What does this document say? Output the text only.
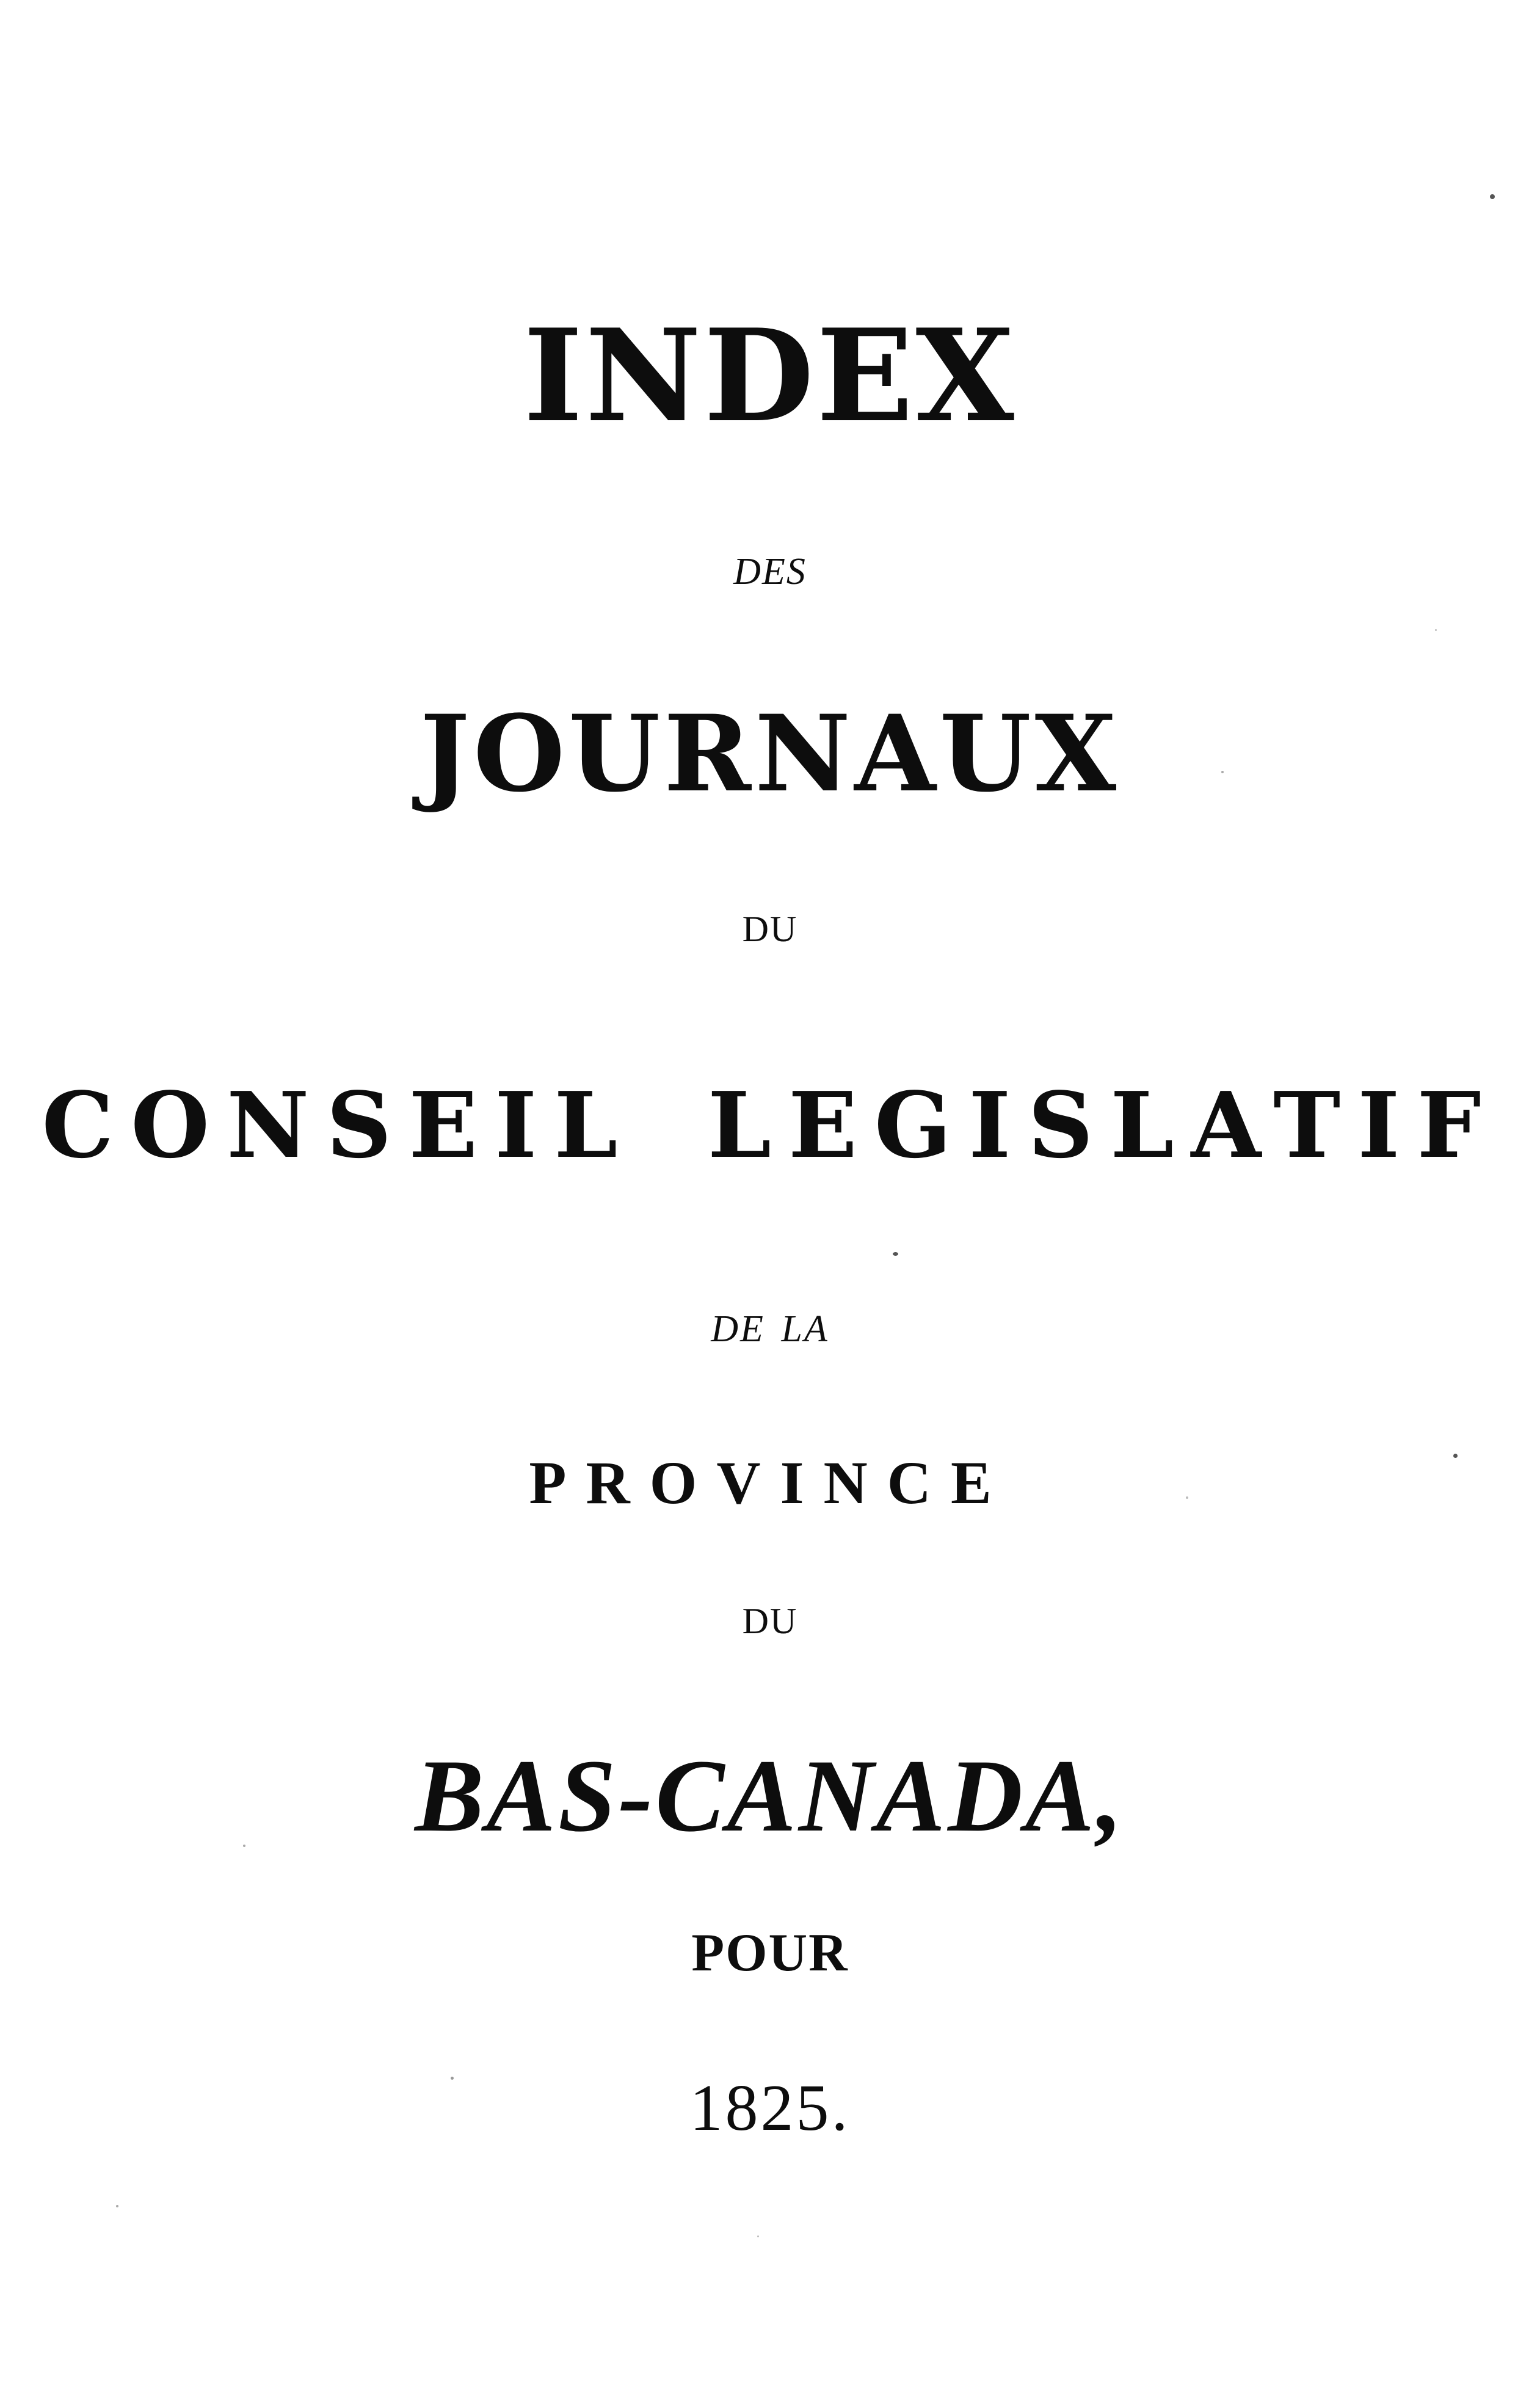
INDEX
DES
JOURNAUX
DU
CONSEIL LEGISLATIF
DE LA
PROVINCE
DU
BAS-CANADA,
POUR
1825.
